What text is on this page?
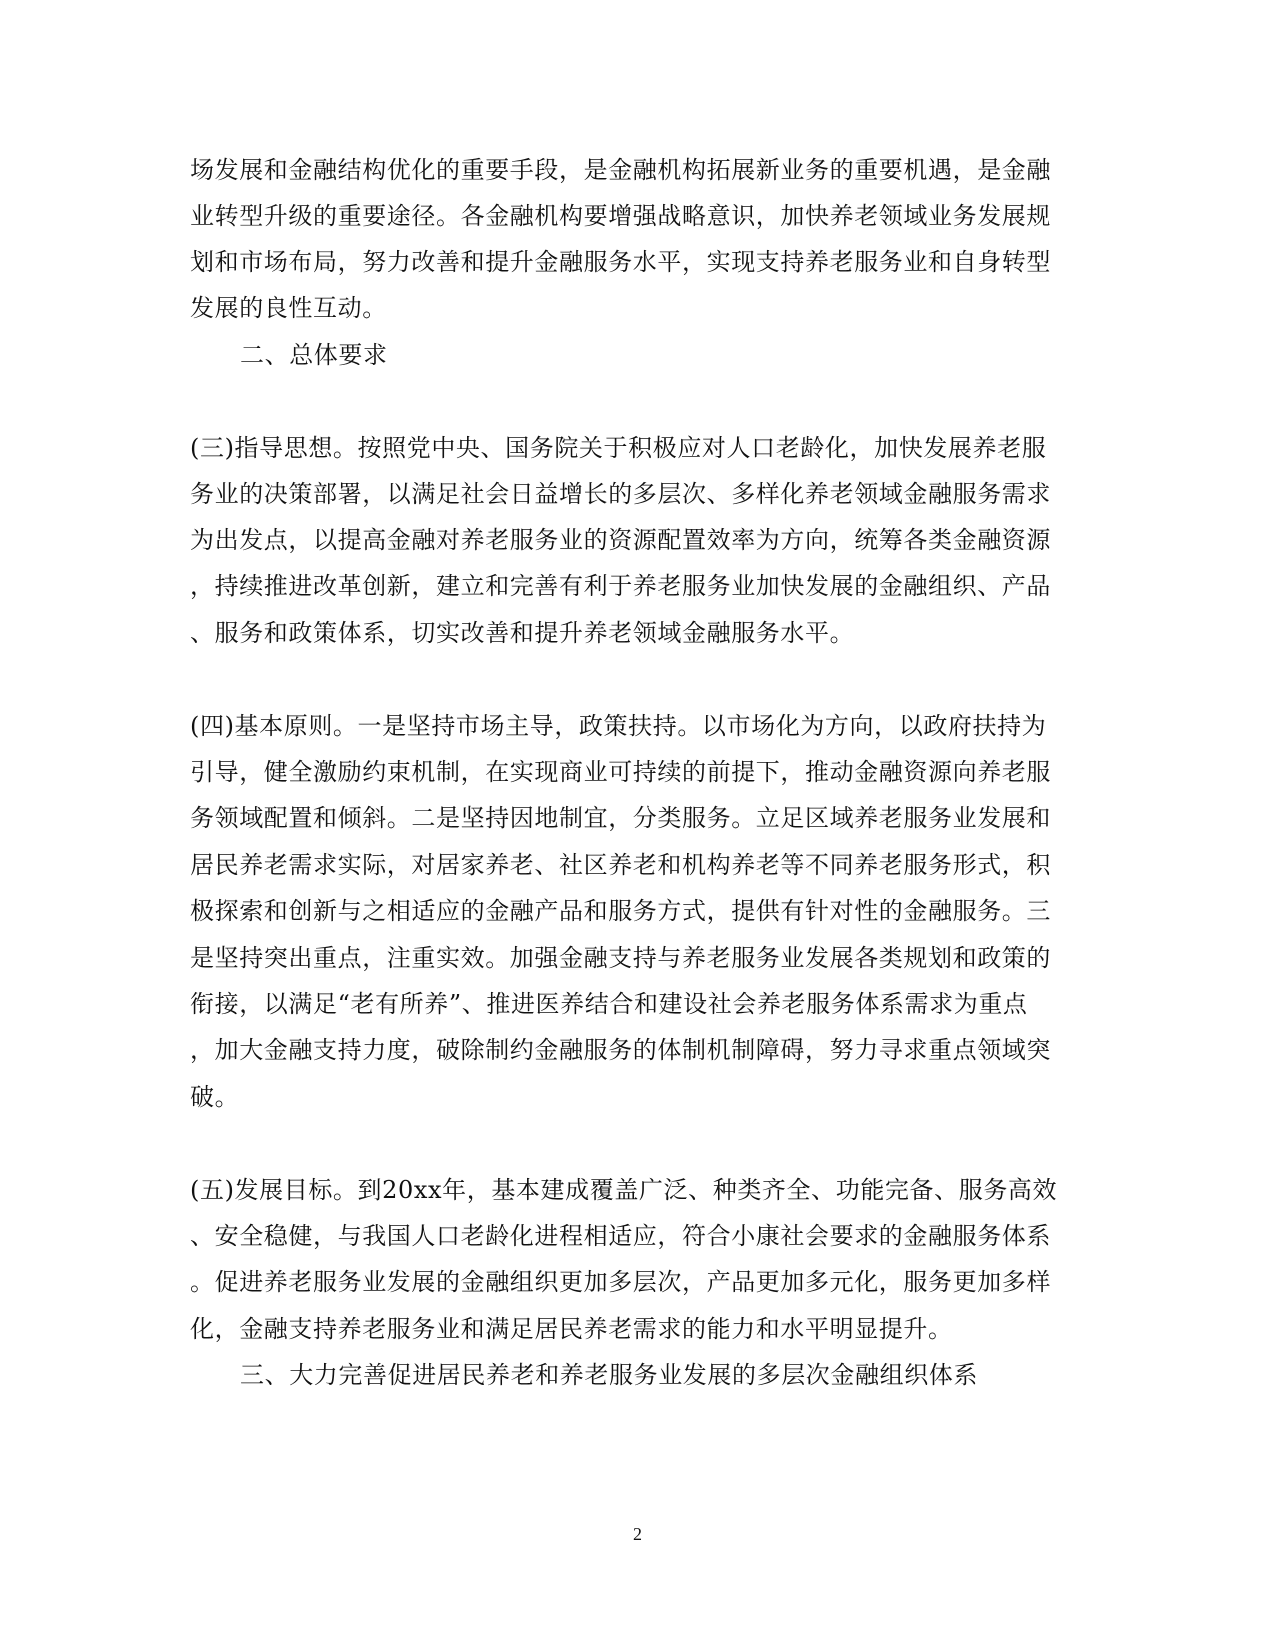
场发展和金融结构优化的重要手段，是金融机构拓展新业务的重要机遇，是金融
业转型升级的重要途径。各金融机构要增强战略意识，加快养老领域业务发展规
划和市场布局，努力改善和提升金融服务水平，实现支持养老服务业和自身转型
发展的良性互动。
二、总体要求
(三)指导思想。按照党中央、国务院关于积极应对人口老龄化，加快发展养老服
务业的决策部署，以满足社会日益增长的多层次、多样化养老领域金融服务需求
为出发点，以提高金融对养老服务业的资源配置效率为方向，统筹各类金融资源
，持续推进改革创新，建立和完善有利于养老服务业加快发展的金融组织、产品
、服务和政策体系，切实改善和提升养老领域金融服务水平。
(四)基本原则。一是坚持市场主导，政策扶持。以市场化为方向，以政府扶持为
引导，健全激励约束机制，在实现商业可持续的前提下，推动金融资源向养老服
务领域配置和倾斜。二是坚持因地制宜，分类服务。立足区域养老服务业发展和
居民养老需求实际，对居家养老、社区养老和机构养老等不同养老服务形式，积
极探索和创新与之相适应的金融产品和服务方式，提供有针对性的金融服务。三
是坚持突出重点，注重实效。加强金融支持与养老服务业发展各类规划和政策的
衔接，以满足“老有所养”、推进医养结合和建设社会养老服务体系需求为重点
，加大金融支持力度，破除制约金融服务的体制机制障碍，努力寻求重点领域突
破。
(五)发展目标。到20xx年，基本建成覆盖广泛、种类齐全、功能完备、服务高效
、安全稳健，与我国人口老龄化进程相适应，符合小康社会要求的金融服务体系
。促进养老服务业发展的金融组织更加多层次，产品更加多元化，服务更加多样
化，金融支持养老服务业和满足居民养老需求的能力和水平明显提升。
三、大力完善促进居民养老和养老服务业发展的多层次金融组织体系
2
